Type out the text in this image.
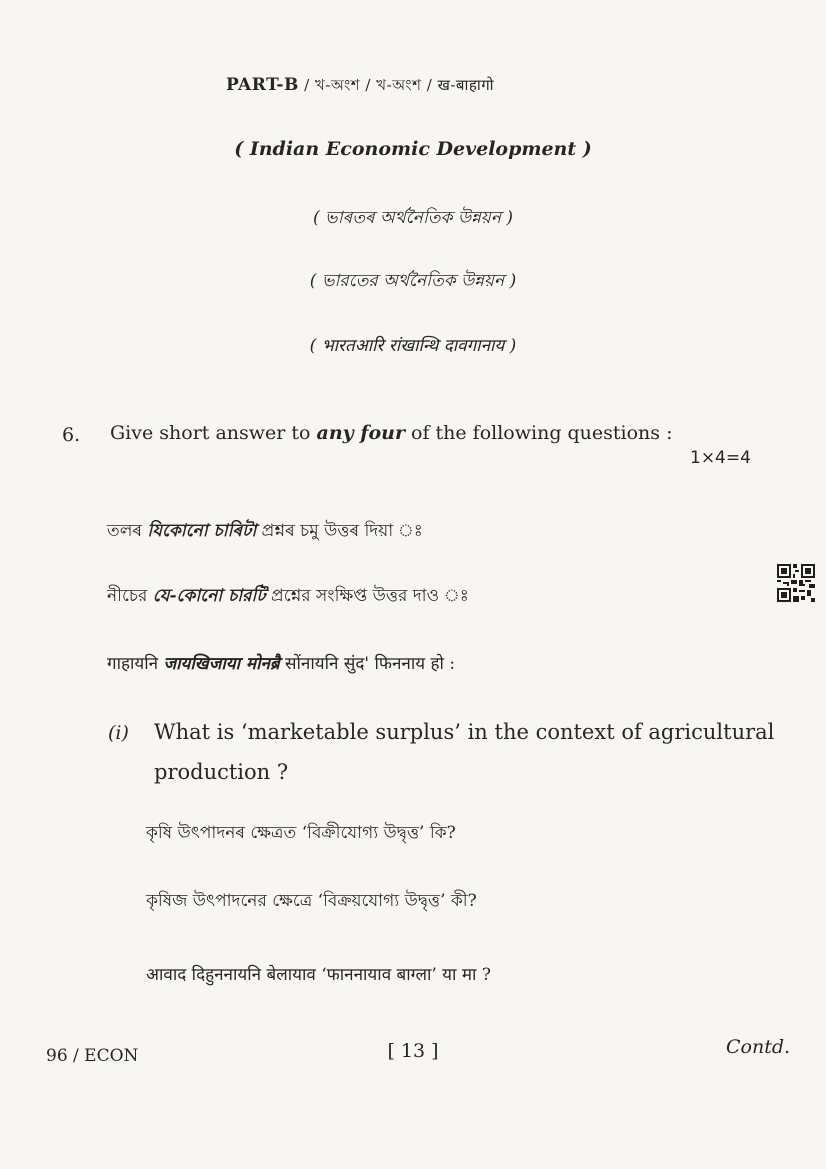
PART-B / খ-অংশ / খ-অংশ / ख-बाहागो
( Indian Economic Development )
( ভাৰতৰ অৰ্থনৈতিক উন্নয়ন )
( ভারতের অর্থনৈতিক উন্নয়ন )
( भारतआरि रांखान्थि दावगानाय )
6. Give short answer to any four of the following questions :
1×4=4
তলৰ যিকোনো চাৰিটা প্ৰশ্নৰ চমু উত্তৰ দিয়া ঃ
নীচের যে-কোনো চারটি প্রশ্নের সংক্ষিপ্ত উত্তর দাও ঃ
गाहायनि जायखिजाया मोनब्रै सोंनायनि सुंद' फिननाय हो :
(i) What is ‘marketable surplus’ in the context of agricultural production ?
কৃষি উৎপাদনৰ ক্ষেত্ৰত ‘বিক্ৰীযোগ্য উদ্বৃত্ত’ কি?
কৃষিজ উৎপাদনের ক্ষেত্রে ‘বিক্রয়যোগ্য উদ্বৃত্ত’ কী?
आवाद दिहुननायनि बेलायाव ‘फाननायाव बाग्ला’ या मा ?
96 / ECON	[ 13 ]	Contd.
